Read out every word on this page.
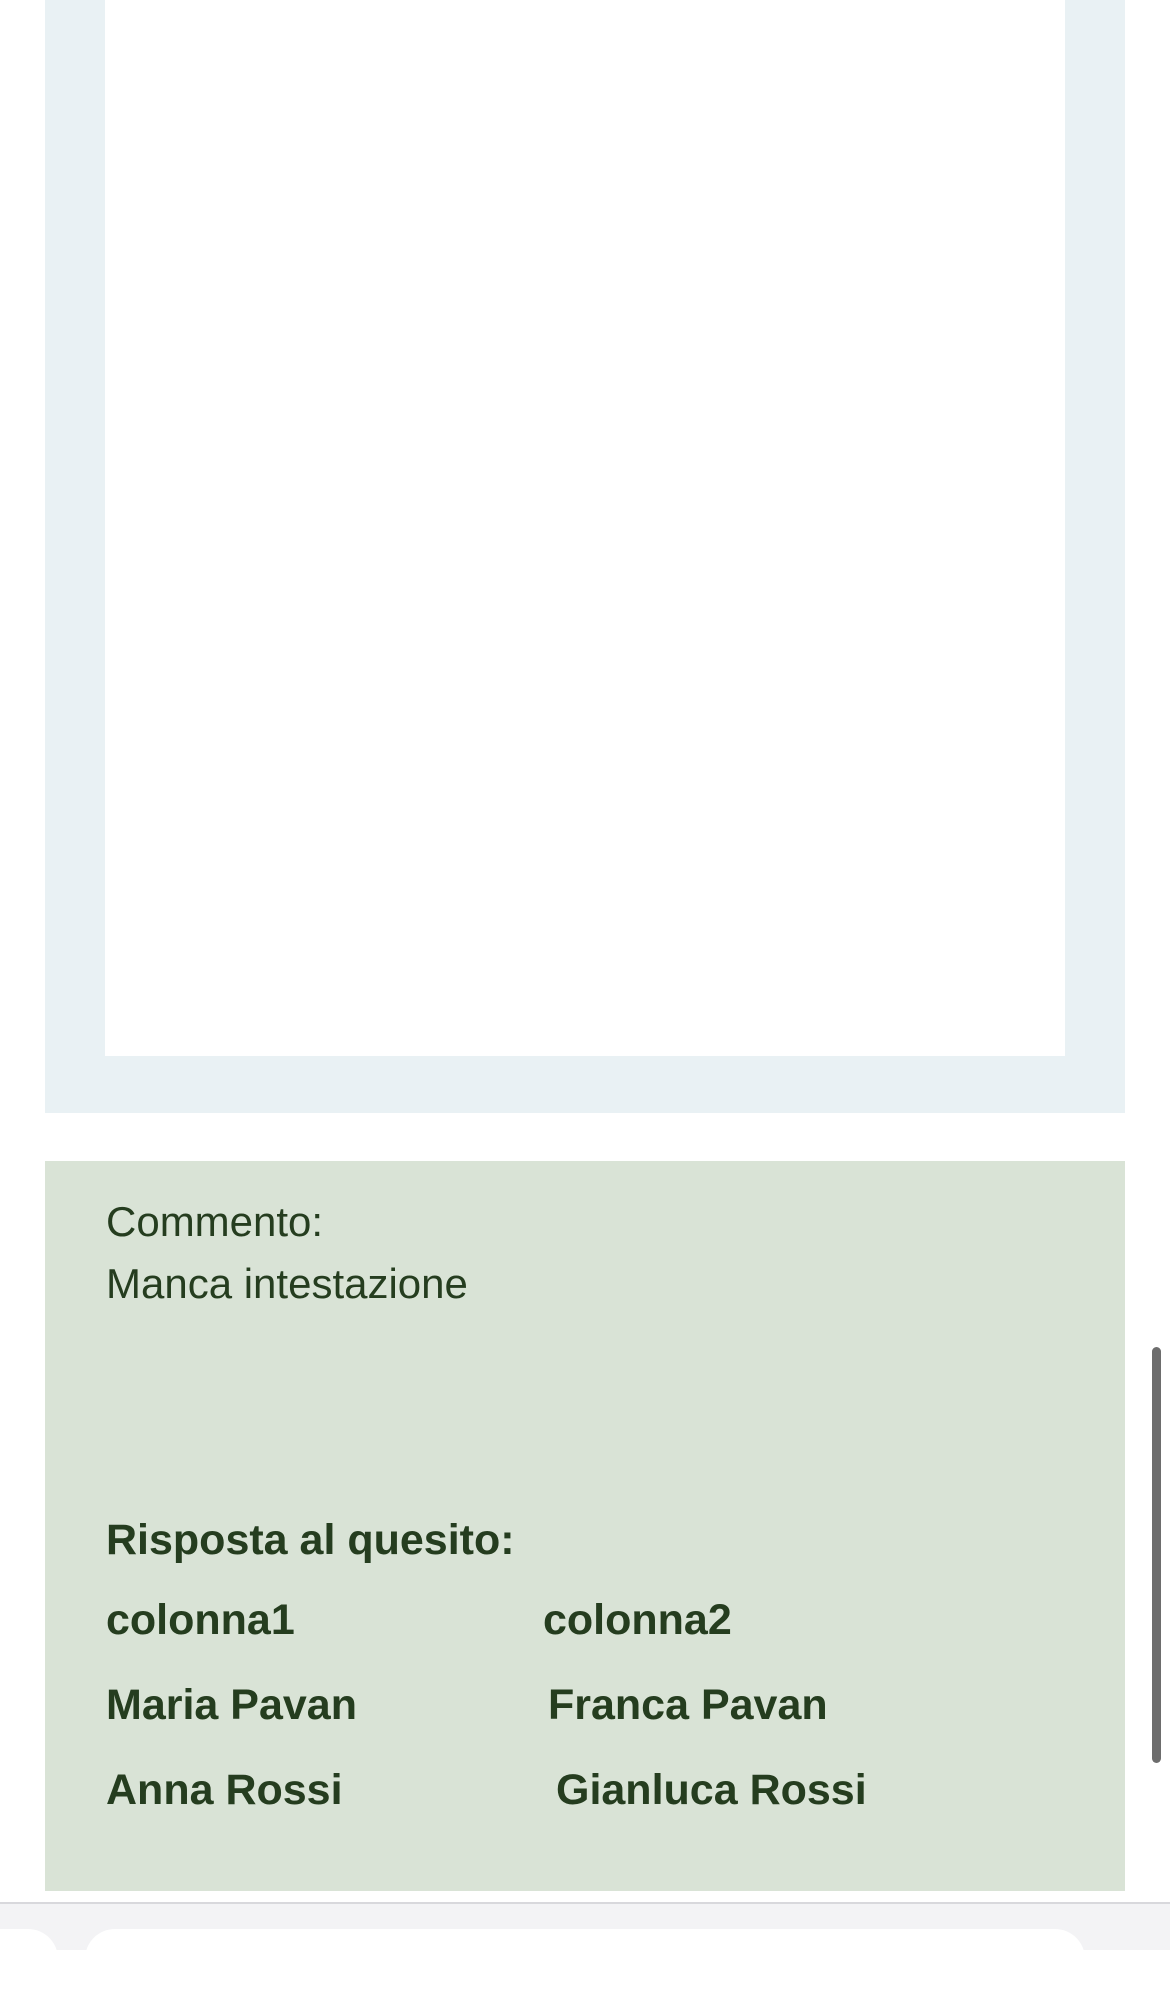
Commento:
Manca intestazione
Risposta al quesito:
colonna1	colonna2
Maria Pavan	Franca Pavan
Anna Rossi	Gianluca Rossi
